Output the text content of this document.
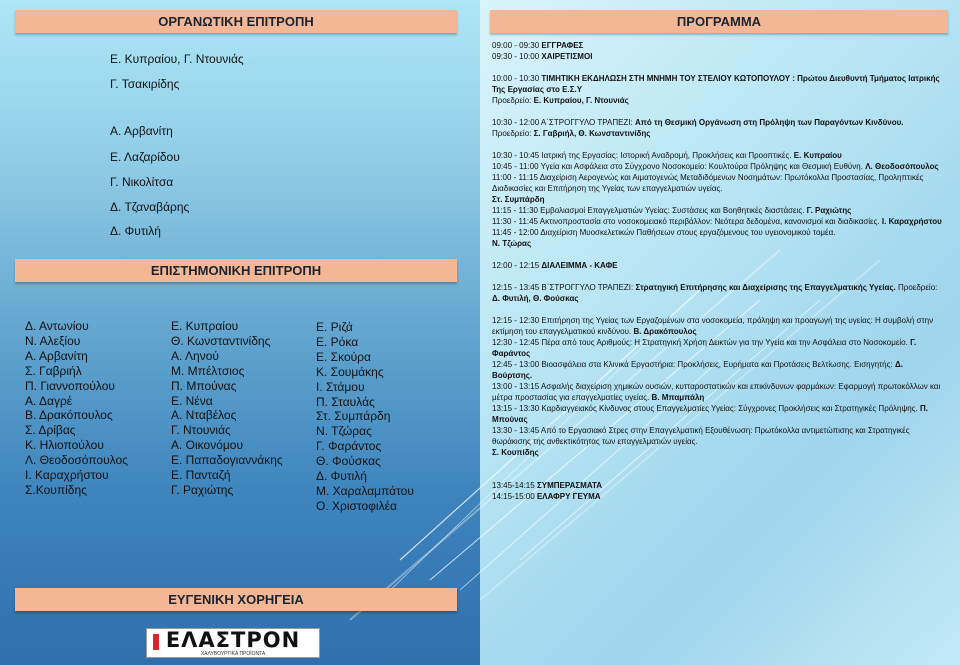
ΟΡΓΑΝΩΤΙΚΗ ΕΠΙΤΡΟΠΗ
Ε. Κυπραίου, Γ. Ντουνιάς
Γ. Τσακιρίδης
Α. Αρβανίτη
Ε. Λαζαρίδου
Γ. Νικολίτσα
Δ. Τζαναβάρης
Δ. Φυτιλή
ΕΠΙΣΤΗΜΟΝΙΚΗ ΕΠΙΤΡΟΠΗ
Δ. Αντωνίου
Ν. Αλεξίου
Α. Αρβανίτη
Σ. Γαβριήλ
Π. Γιαννοπούλου
Α. Δαγρέ
Β. Δρακόπουλος
Σ. Δρίβας
Κ. Ηλιοπούλου
Λ. Θεοδοσόπουλος
Ι. Καραχρήστου
Σ.Κουπίδης
Ε. Κυπραίου
Θ. Κωνσταντινίδης
Α. Ληνού
Μ. Μπέλτσιος
Π. Μπούνας
Ε. Νένα
Α. Νταβέλος
Γ. Ντουνιάς
Α. Οικονόμου
Ε. Παπαδογιαννάκης
Ε. Πανταζή
Γ. Ραχιώτης
Ε. Ριζά
Ε. Ρόκα
Ε. Σκούρα
Κ. Σουμάκης
Ι. Στάμου
Π. Σταυλάς
Στ. Συμπάρδη
Ν. Τζώρας
Γ. Φαράντος
Θ. Φούσκας
Δ. Φυτιλή
Μ. Χαραλαμπάτου
Ο. Χριστοφιλέα
ΕΥΓΕΝΙΚΗ ΧΟΡΗΓΕΙΑ
ΕΛΑΣΤΡΟΝ
ΧΑΛΥΒΟΥΡΓΙΚΑ ΠΡΟΪΟΝΤΑ
ΠΡΟΓΡΑΜΜΑ

09:00 - 09:30 ΕΓΓΡΑΦΕΣ

09:30 - 10:00 ΧΑΙΡΕΤΙΣΜΟΙ

10:00 - 10:30 ΤΙΜΗΤΙΚΗ ΕΚΔΗΛΩΣΗ ΣΤΗ ΜΝΗΜΗ ΤΟΥ ΣΤΕΛΙΟΥ ΚΩΤΟΠΟΥΛΟΥ : Πρώτου Διευθυντή Τμήματος Ιατρικής Της Εργασίας στο Ε.Σ.Υ

Προεδρείο: Ε. Κυπραίου, Γ. Ντουνιάς

10:30 - 12:00 Α΄ΣΤΡΟΓΓΥΛΟ ΤΡΑΠΕΖΙ: Από τη Θεσμική Οργάνωση στη Πρόληψη των Παραγόντων Κινδύνου. Προεδρείο: Σ. Γαβριήλ, Θ. Κωνσταντινίδης

10:30 - 10:45 Ιατρική της Εργασίας: Ιστορική Αναδρομή, Προκλήσεις και Προοπτικές. Ε. Κυπραίου

10:45 - 11:00 Υγεία και Ασφάλεια στο Σύγχρονο Νοσοκομείο: Κουλτούρα Πρόληψης και Θεσμική Ευθύνη. Λ. Θεοδοσόπουλος

11:00 - 11:15 Διαχείριση Αερογενώς και Αιματογενώς Μεταδιδόμενων Νοσημάτων: Πρωτόκολλα Προστασίας, Προληπτικές Διαδικασίες και Επιτήρηση της Υγείας των επαγγελματιών υγείας.
Στ. Συμπάρδη

11:15 - 11:30 Εμβολιασμοί Επαγγελματιών Υγείας: Συστάσεις και Βοηθητικές διαστάσεις. Γ. Ραχιώτης

11:30 - 11:45 Ακτινοπροστασία στο νοσοκομειακό περιβάλλον: Νεότερα δεδομένα, κανονισμοί και διαδικασίες. Ι. Καραχρήστου

11:45 - 12:00 Διαχείριση Μυοσκελετικών Παθήσεων στους εργαζόμενους του υγειονομικού τομέα.
Ν. Τζώρας

12:00 - 12:15 ΔΙΑΛΕΙΜΜΑ - ΚΑΦΕ

12:15 - 13:45 Β΄ΣΤΡΟΓΓΥΛΟ ΤΡΑΠΕΖΙ: Στρατηγική Επιτήρησης και Διαχείρισης της Επαγγελματικής Υγείας. Προεδρείο: Δ. Φυτιλή, Θ. Φούσκας

12:15 - 12:30 Επιτήρηση της Υγείας των Εργαζομένων στα νοσοκομεία, πρόληψη και προαγωγή της υγείας: Η συμβολή στην εκτίμηση του επαγγελματικού κινδύνου. Β. Δρακόπουλος

12:30 - 12:45 Πέρα από τους Αριθμούς: Η Στρατηγική Χρήση Δεικτών για την Υγεία και την Ασφάλεια στο Νοσοκομείο. Γ. Φαράντος

12:45 - 13:00 Βιοασφάλεια στα Κλινικά Εργαστήρια: Προκλήσεις, Ευρήματα και Προτάσεις Βελτίωσης. Εισηγητής: Δ. Βούρτσης.

13:00 - 13:15 Ασφαλής διαχείριση χημικών ουσιών, κυτταροστατικών και επικίνδυνων φαρμάκων: Εφαρμογή πρωτοκόλλων και μέτρα προστασίας για επαγγελματίες υγείας. Β. Μπαμπάλη

13:15 - 13:30 Καρδιαγγειακός Κίνδυνος στους Επαγγελματίες Υγείας: Σύγχρονες Προκλήσεις και Στρατηγικές Πρόληψης. Π. Μπούνας

13:30 - 13:45 Από το Εργασιακό Στρες στην Επαγγελματική Εξουθένωση: Πρωτόκολλα αντιμετώπισης και Στρατηγικές θωράκισης της ανθεκτικότητας των επαγγελματιών υγείας.
Σ. Κουπίδης

13:45-14:15 ΣΥΜΠΕΡΑΣΜΑΤΑ

14:15-15:00 ΕΛΑΦΡΥ ΓΕΥΜΑ
